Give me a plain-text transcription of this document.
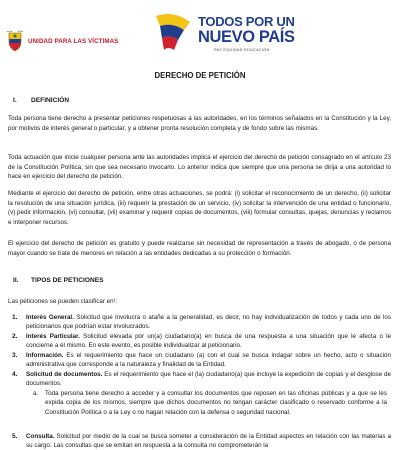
UNIDAD PARA LAS VÍCTIMAS
TODOS POR UN
NUEVO PAÍS
PAZ EQUIDAD EDUCACIÓN
DERECHO DE PETICIÓN
I. DEFINICIÓN
Toda persona tiene derecho a presentar peticiones respetuosas a las autoridades, en los términos señalados en la Constitución y la Ley, por motivos de interés general o particular, y a obtener pronta resolución completa y de fondo sobre las mismas.
Toda actuación que inicie cualquier persona ante las autoridades implica el ejercicio del derecho de petición consagrado en el artículo 23 de la Constitución Política, sin que sea necesario invocarlo. Lo anterior indica que siempre que una persona se dirija a una autoridad lo hace en ejercicio del derecho de petición.
Mediante el ejercicio del derecho de petición, entre otras actuaciones, se podrá: (i) solicitar el reconocimiento de un derecho, (ii) solicitar la resolución de una situación jurídica, (iii) requerir la prestación de un servicio, (iv) solicitar la intervención de una entidad o funcionario, (v) pedir información, (vi) consultar, (vii) examinar y requerir copias de documentos, (viii) formular consultas, quejas, denuncias y reclamos e interponer recursos.
El ejercicio del derecho de petición es gratuito y puede realizarse sin necesidad de representación a través de abogado, o de persona mayor cuando se trate de menores en relación a las entidades dedicadas a su protección o formación.
II. TIPOS DE PETICIONES
Las peticiones se pueden clasificar en¹:
1. Interés General. Solicitud que involucra o atañe a la generalidad, es decir, no hay individualización de todos y cada uno de los peticionarios que podrían estar involucrados.
2. Interés Particular. Solicitud elevada por un(a) ciudadano(a) en busca de una respuesta a una situación que le afecta o le concierne a él mismo. En este evento, es posible individualizar al peticionario.
3. Información. Es el requerimiento que hace un ciudadano (a) con el cual se busca indagar sobre un hecho, acto o situación administrativa que corresponde a la naturaleza y finalidad de la Entidad.
4. Solicitud de documentos. Es el requerimiento que hace el (la) ciudadano(a) que incluye la expedición de copias y el desglose de documentos.
a. Toda persona tiene derecho a acceder y a consultar los documentos que reposen en las oficinas públicas y a que se les expida copia de los mismos, siempre que dichos documentos no tengan carácter clasificado o reservado conforme a la Constitución Política o a la Ley o no hagan relación con la defensa o seguridad nacional.
5. Consulta. Solicitud por medio de la cual se busca someter a consideración de la Entidad aspectos en relación con las materias a su cargo. Las consultas que se emitan en respuesta a la consulta no comprometerán la
